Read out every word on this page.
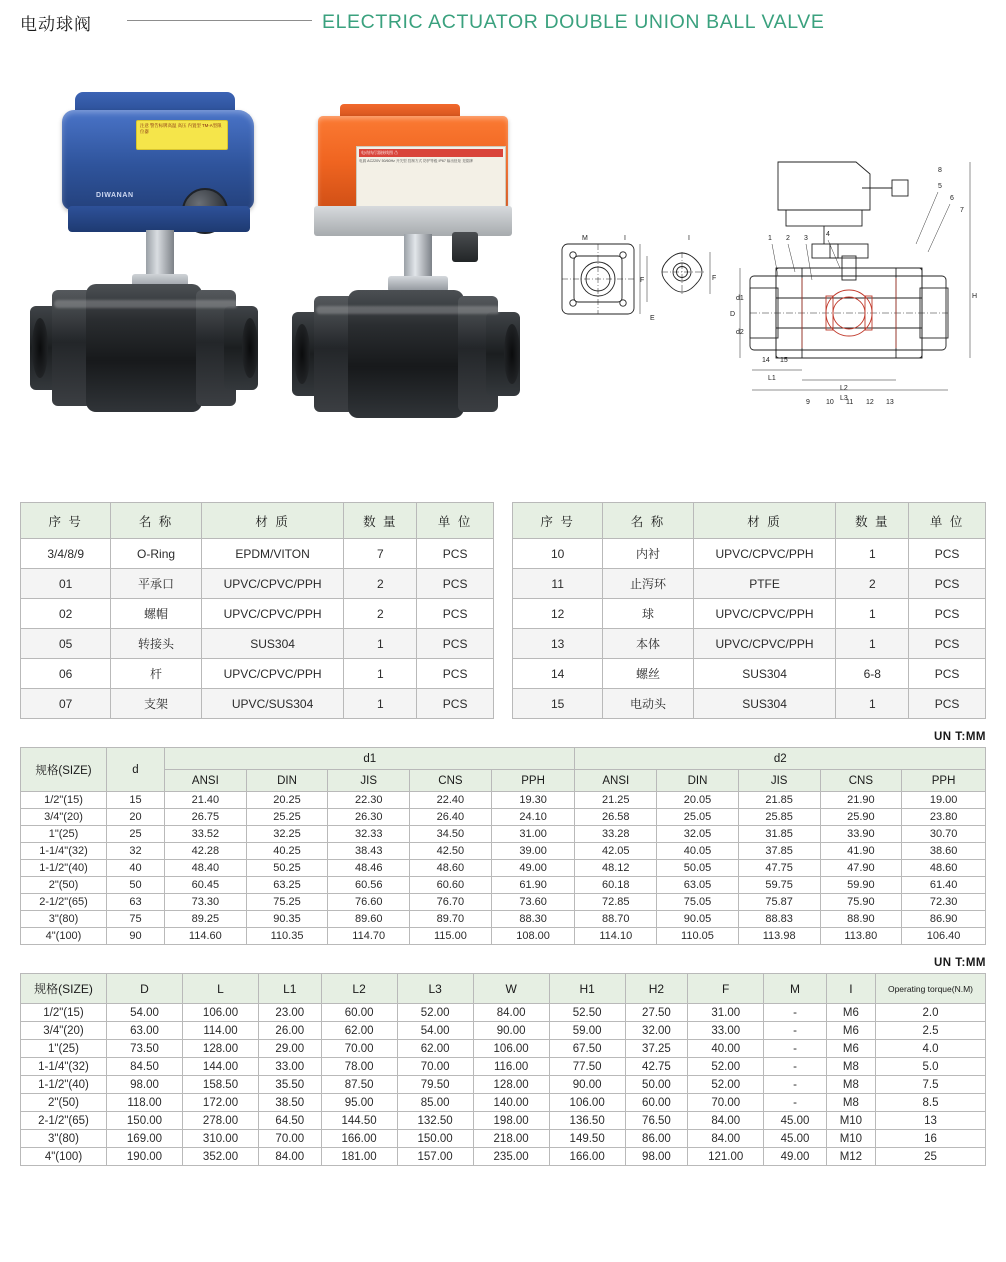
电动球阀	ELECTRIC ACTUATOR DOUBLE UNION BALL VALVE
DIWANAN
注意 警告标牌高温 高压 内置型 TM-A型限位器
电动执行器接线图 ⚠
电源 AC220V 50/60Hz 开关型 控制方式 防护等级 IP67 输出扭矩 见铭牌
M	I
F
E
I
F
D
H
d1
d2
L1
L2
L3
1 2 3
4
5
6
7
8
9 10 11 12 13
14 15
序 号	名 称	材 质	数 量	单 位
3/4/8/9	O-Ring	EPDM/VITON	7	PCS
01	平承口	UPVC/CPVC/PPH	2	PCS
02	螺帽	UPVC/CPVC/PPH	2	PCS
05	转接头	SUS304	1	PCS
06	杆	UPVC/CPVC/PPH	1	PCS
07	支架	UPVC/SUS304	1	PCS
序 号	名 称	材 质	数 量	单 位
10	内衬	UPVC/CPVC/PPH	1	PCS
11	止泻环	PTFE	2	PCS
12	球	UPVC/CPVC/PPH	1	PCS
13	本体	UPVC/CPVC/PPH	1	PCS
14	螺丝	SUS304	6-8	PCS
15	电动头	SUS304	1	PCS
UN T:MM
规格(SIZE)	d	d1					d2				
		ANSI	DIN	JIS	CNS	PPH	ANSI	DIN	JIS	CNS	PPH
1/2"(15)	15	21.40	20.25	22.30	22.40	19.30	21.25	20.05	21.85	21.90	19.00
3/4"(20)	20	26.75	25.25	26.30	26.40	24.10	26.58	25.05	25.85	25.90	23.80
1"(25)	25	33.52	32.25	32.33	34.50	31.00	33.28	32.05	31.85	33.90	30.70
1-1/4"(32)	32	42.28	40.25	38.43	42.50	39.00	42.05	40.05	37.85	41.90	38.60
1-1/2"(40)	40	48.40	50.25	48.46	48.60	49.00	48.12	50.05	47.75	47.90	48.60
2"(50)	50	60.45	63.25	60.56	60.60	61.90	60.18	63.05	59.75	59.90	61.40
2-1/2"(65)	63	73.30	75.25	76.60	76.70	73.60	72.85	75.05	75.87	75.90	72.30
3"(80)	75	89.25	90.35	89.60	89.70	88.30	88.70	90.05	88.83	88.90	86.90
4"(100)	90	114.60	110.35	114.70	115.00	108.00	114.10	110.05	113.98	113.80	106.40
UN T:MM
规格(SIZE)	D	L	L1	L2	L3	W	H1	H2	F	M	I	Operating torque(N.M)
1/2"(15)	54.00	106.00	23.00	60.00	52.00	84.00	52.50	27.50	31.00	-	M6	2.0
3/4"(20)	63.00	114.00	26.00	62.00	54.00	90.00	59.00	32.00	33.00	-	M6	2.5
1"(25)	73.50	128.00	29.00	70.00	62.00	106.00	67.50	37.25	40.00	-	M6	4.0
1-1/4"(32)	84.50	144.00	33.00	78.00	70.00	116.00	77.50	42.75	52.00	-	M8	5.0
1-1/2"(40)	98.00	158.50	35.50	87.50	79.50	128.00	90.00	50.00	52.00	-	M8	7.5
2"(50)	118.00	172.00	38.50	95.00	85.00	140.00	106.00	60.00	70.00	-	M8	8.5
2-1/2"(65)	150.00	278.00	64.50	144.50	132.50	198.00	136.50	76.50	84.00	45.00	M10	13
3"(80)	169.00	310.00	70.00	166.00	150.00	218.00	149.50	86.00	84.00	45.00	M10	16
4"(100)	190.00	352.00	84.00	181.00	157.00	235.00	166.00	98.00	121.00	49.00	M12	25
